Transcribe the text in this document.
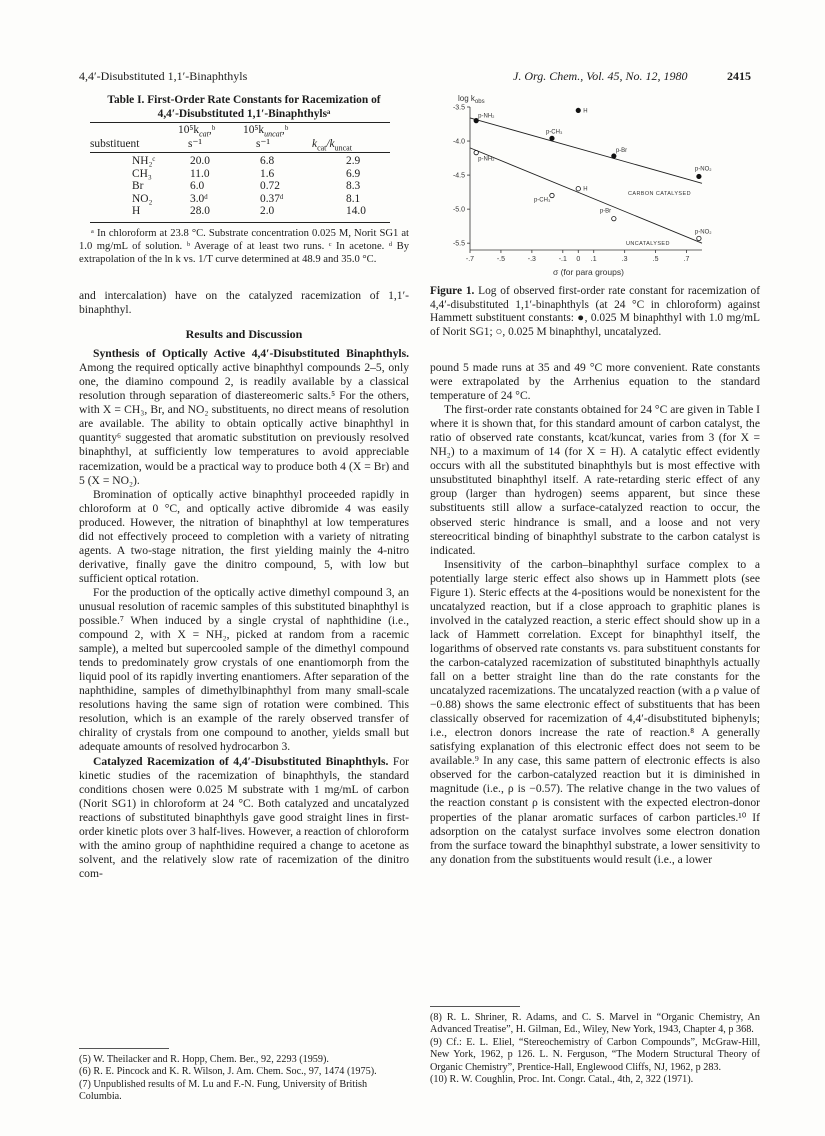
4,4′-Disubstituted 1,1′-Binaphthyls	J. Org. Chem., Vol. 45, No. 12, 1980	2415
Table I. First-Order Rate Constants for Racemization of
4,4′-Disubstituted 1,1′-Binaphthylsᵃ
$10^5k_{cat},ᵇ$ $10^5k_{uncat},ᵇ$
substituent	s⁻¹	s⁻¹	$k_{cat}/k_{uncat}$
NH₂ᶜ	20.0	6.8	2.9
CH₃	11.0	1.6	6.9
Br	6.0	0.72	8.3
NO₂	3.0ᵈ	0.37ᵈ	8.1
H	28.0	2.0	14.0
ᵃ In chloroform at 23.8 °C. Substrate concentration 0.025 M, Norit SG1 at 1.0 mg/mL of solution. ᵇ Average of at least two runs. ᶜ In acetone. ᵈ By extrapolation of the ln k vs. 1/T curve determined at 48.9 and 35.0 °C.

and intercalation) have on the catalyzed racemization of 1,1′-binaphthyl.

Results and Discussion

Synthesis of Optically Active 4,4′-Disubstituted Binaphthyls. Among the required optically active binaphthyl compounds 2–5, only one, the diamino compound 2, is readily available by a classical resolution through separation of diastereomeric salts.⁵ For the others, with X = CH₃, Br, and NO₂ substituents, no direct means of resolution are available. The ability to obtain optically active binaphthyl in quantity⁶ suggested that aromatic substitution on previously resolved binaphthyl, at sufficiently low temperatures to avoid appreciable racemization, would be a practical way to produce both 4 (X = Br) and 5 (X = NO₂).

Bromination of optically active binaphthyl proceeded rapidly in chloroform at 0 °C, and optically active dibromide 4 was easily produced. However, the nitration of binaphthyl at low temperatures did not effectively proceed to completion with a variety of nitrating agents. A two-stage nitration, the first yielding mainly the 4-nitro derivative, finally gave the dinitro compound, 5, with low but sufficient optical rotation.

For the production of the optically active dimethyl compound 3, an unusual resolution of racemic samples of this substituted binaphthyl is possible.⁷ When induced by a single crystal of naphthidine (i.e., compound 2, with X = NH₂, picked at random from a racemic sample), a melted but supercooled sample of the dimethyl compound tends to predominately grow crystals of one enantiomorph from the liquid pool of its rapidly inverting enantiomers. After separation of the naphthidine, samples of dimethylbinaphthyl from many small-scale resolutions having the same sign of rotation were combined. This resolution, which is an example of the rarely observed transfer of chirality of crystals from one compound to another, yields small but adequate amounts of resolved hydrocarbon 3.

Catalyzed Racemization of 4,4′-Disubstituted Binaphthyls. For kinetic studies of the racemization of binaphthyls, the standard conditions chosen were 0.025 M substrate with 1 mg/mL of carbon (Norit SG1) in chloroform at 24 °C. Both catalyzed and uncatalyzed reactions of substituted binaphthyls gave good straight lines in first-order kinetic plots over 3 half-lives. However, a reaction of chloroform with the amino group of naphthidine required a change to acetone as solvent, and the relatively slow rate of racemization of the dinitro com-

(5) W. Theilacker and R. Hopp, Chem. Ber., 92, 2293 (1959).
(6) R. E. Pincock and K. R. Wilson, J. Am. Chem. Soc., 97, 1474 (1975).
(7) Unpublished results of M. Lu and F.-N. Fung, University of British Columbia.
$\log k_{obs}$
-3.5
-4.0
-4.5
-5.0
-5.5
-.7	-.5	-.3	-.1 0 .1	.3	.5	.7
p-NH₂
p-CH₃
p-Br
p-NO₂
H
p-NH₂
p-CH₃
p-Br
p-NO₂
H
CARBON CATALYSED
UNCATALYSED
σ (for para groups)
Figure 1. Log of observed first-order rate constant for racemization of 4,4′-disubstituted 1,1′-binaphthyls (at 24 °C in chloroform) against Hammett substituent constants: ●, 0.025 M binaphthyl with 1.0 mg/mL of Norit SG1; ○, 0.025 M binaphthyl, uncatalyzed.

pound 5 made runs at 35 and 49 °C more convenient. Rate constants were extrapolated by the Arrhenius equation to the standard temperature of 24 °C.

The first-order rate constants obtained for 24 °C are given in Table I where it is shown that, for this standard amount of carbon catalyst, the ratio of observed rate constants, kcat/kuncat, varies from 3 (for X = NH₂) to a maximum of 14 (for X = H). A catalytic effect evidently occurs with all the substituted binaphthyls but is most effective with unsubstituted binaphthyl itself. A rate-retarding steric effect of any group (larger than hydrogen) seems apparent, but since these substituents still allow a surface-catalyzed reaction to occur, the observed steric hindrance is small, and a loose and not very stereocritical binding of binaphthyl substrate to the carbon catalyst is indicated.

Insensitivity of the carbon–binaphthyl surface complex to a potentially large steric effect also shows up in Hammett plots (see Figure 1). Steric effects at the 4-positions would be nonexistent for the uncatalyzed reaction, but if a close approach to graphitic planes is involved in the catalyzed reaction, a steric effect should show up in a lack of Hammett correlation. Except for binaphthyl itself, the logarithms of observed rate constants vs. para substituent constants for the carbon-catalyzed racemization of substituted binaphthyls actually fall on a better straight line than do the rate constants for the uncatalyzed racemizations. The uncatalyzed reaction (with a ρ value of −0.88) shows the same electronic effect of substituents that has been classically observed for racemization of 4,4′-disubstituted biphenyls; i.e., electron donors increase the rate of reaction.⁸ A generally satisfying explanation of this electronic effect does not seem to be available.⁹ In any case, this same pattern of electronic effects is also observed for the carbon-catalyzed reaction but it is diminished in magnitude (i.e., ρ is −0.57). The relative change in the two values of the reaction constant ρ is consistent with the expected electron-donor properties of the planar aromatic surfaces of carbon particles.¹⁰ If adsorption on the catalyst surface involves some electron donation from the surface toward the binaphthyl substrate, a lower sensitivity to any donation from the substituents would result (i.e., a lower

(8) R. L. Shriner, R. Adams, and C. S. Marvel in “Organic Chemistry, An Advanced Treatise”, H. Gilman, Ed., Wiley, New York, 1943, Chapter 4, p 368.
(9) Cf.: E. L. Eliel, “Stereochemistry of Carbon Compounds”, McGraw-Hill, New York, 1962, p 126. L. N. Ferguson, “The Modern Structural Theory of Organic Chemistry”, Prentice-Hall, Englewood Cliffs, NJ, 1962, p 283.
(10) R. W. Coughlin, Proc. Int. Congr. Catal., 4th, 2, 322 (1971).
